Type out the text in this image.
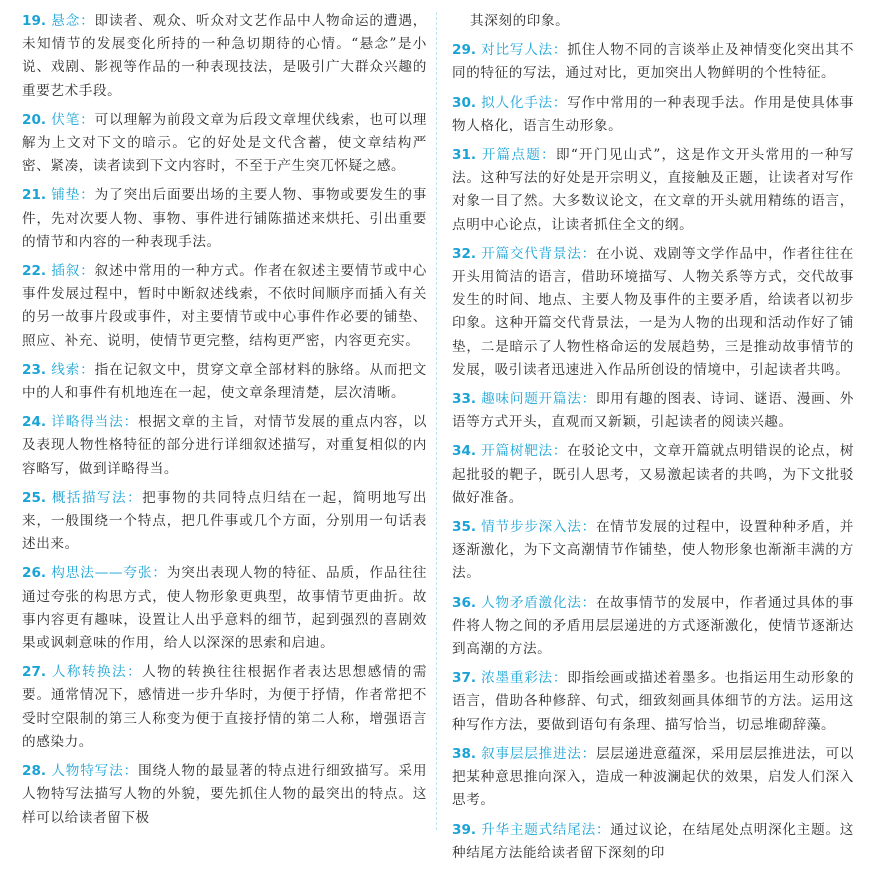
19. 悬念：即读者、观众、听众对文艺作品中人物命运的遭遇，未知情节的发展变化所持的一种急切期待的心情。“悬念”是小说、戏剧、影视等作品的一种表现技法，是吸引广大群众兴趣的重要艺术手段。

20. 伏笔：可以理解为前段文章为后段文章埋伏线索，也可以理解为上文对下文的暗示。它的好处是文代含蓄，使文章结构严密、紧凑，读者读到下文内容时，不至于产生突兀怀疑之感。

21. 铺垫：为了突出后面要出场的主要人物、事物或要发生的事件，先对次要人物、事物、事件进行铺陈描述来烘托、引出重要的情节和内容的一种表现手法。

22. 插叙：叙述中常用的一种方式。作者在叙述主要情节或中心事件发展过程中，暂时中断叙述线索，不依时间顺序而插入有关的另一故事片段或事件，对主要情节或中心事件作必要的铺垫、照应、补充、说明，使情节更完整，结构更严密，内容更充实。

23. 线索：指在记叙文中，贯穿文章全部材料的脉络。从而把文中的人和事件有机地连在一起，使文章条理清楚，层次清晰。

24. 详略得当法：根据文章的主旨，对情节发展的重点内容，以及表现人物性格特征的部分进行详细叙述描写，对重复相似的内容略写，做到详略得当。

25. 概括描写法：把事物的共同特点归结在一起，简明地写出来，一般围绕一个特点，把几件事或几个方面，分别用一句话表述出来。

26. 构思法——夸张：为突出表现人物的特征、品质，作品往往通过夸张的构思方式，使人物形象更典型，故事情节更曲折。故事内容更有趣味，设置让人出乎意料的细节，起到强烈的喜剧效果或讽刺意味的作用，给人以深深的思索和启迪。

27. 人称转换法：人物的转换往往根据作者表达思想感情的需要。通常情况下，感情进一步升华时，为便于抒情，作者常把不受时空限制的第三人称变为便于直接抒情的第二人称，增强语言的感染力。

28. 人物特写法：围绕人物的最显著的特点进行细致描写。采用人物特写法描写人物的外貌，要先抓住人物的最突出的特点。这样可以给读者留下极

其深刻的印象。

29. 对比写人法：抓住人物不同的言谈举止及神情变化突出其不同的特征的写法，通过对比，更加突出人物鲜明的个性特征。

30. 拟人化手法：写作中常用的一种表现手法。作用是使具体事物人格化，语言生动形象。

31. 开篇点题：即“开门见山式”，这是作文开头常用的一种写法。这种写法的好处是开宗明义，直接触及正题，让读者对写作对象一目了然。大多数议论文，在文章的开头就用精练的语言，点明中心论点，让读者抓住全文的纲。

32. 开篇交代背景法：在小说、戏剧等文学作品中，作者往往在开头用简洁的语言，借助环境描写、人物关系等方式，交代故事发生的时间、地点、主要人物及事件的主要矛盾，给读者以初步印象。这种开篇交代背景法，一是为人物的出现和活动作好了铺垫，二是暗示了人物性格命运的发展趋势，三是推动故事情节的发展，吸引读者迅速进入作品所创设的情境中，引起读者共鸣。

33. 趣味问题开篇法：即用有趣的图表、诗词、谜语、漫画、外语等方式开头，直观而又新颖，引起读者的阅读兴趣。

34. 开篇树靶法：在驳论文中，文章开篇就点明错误的论点，树起批驳的靶子，既引人思考，又易激起读者的共鸣，为下文批驳做好准备。

35. 情节步步深入法：在情节发展的过程中，设置种种矛盾，并逐渐激化，为下文高潮情节作铺垫，使人物形象也渐渐丰满的方法。

36. 人物矛盾激化法：在故事情节的发展中，作者通过具体的事件将人物之间的矛盾用层层递进的方式逐渐激化，使情节逐渐达到高潮的方法。

37. 浓墨重彩法：即指绘画或描述着墨多。也指运用生动形象的语言，借助各种修辞、句式，细致刻画具体细节的方法。运用这种写作方法，要做到语句有条理、描写恰当，切忌堆砌辞藻。

38. 叙事层层推进法：层层递进意蕴深，采用层层推进法，可以把某种意思推向深入，造成一种波澜起伏的效果，启发人们深入思考。

39. 升华主题式结尾法：通过议论，在结尾处点明深化主题。这种结尾方法能给读者留下深刻的印
